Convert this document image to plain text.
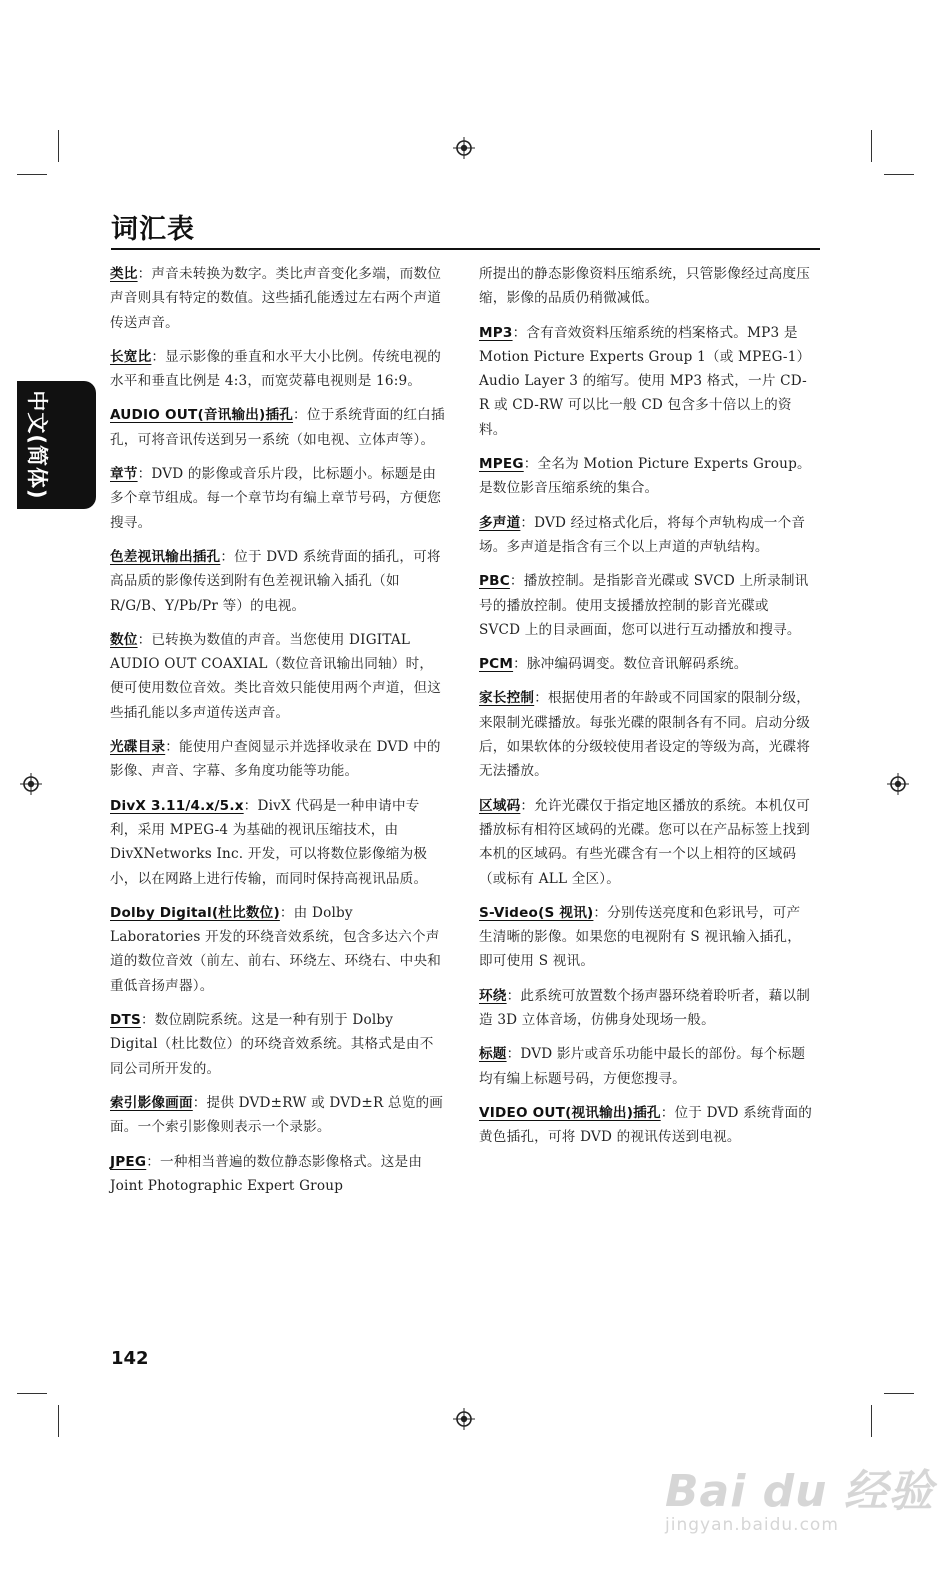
中文(简体)
词汇表

类比：声音未转换为数字。类比声音变化多端，而数位声音则具有特定的数值。这些插孔能透过左右两个声道传送声音。

长宽比：显示影像的垂直和水平大小比例。传统电视的水平和垂直比例是 4:3，而宽荧幕电视则是 16:9。

AUDIO OUT(音讯输出)插孔：位于系统背面的红白插孔，可将音讯传送到另一系统（如电视、立体声等）。

章节：DVD 的影像或音乐片段，比标题小。标题是由多个章节组成。每一个章节均有编上章节号码，方便您搜寻。

色差视讯输出插孔：位于 DVD 系统背面的插孔，可将高品质的影像传送到附有色差视讯输入插孔（如 R/G/B、Y/Pb/Pr 等）的电视。

数位：已转换为数值的声音。当您使用 DIGITAL AUDIO OUT COAXIAL（数位音讯输出同轴）时，便可使用数位音效。类比音效只能使用两个声道，但这些插孔能以多声道传送声音。

光碟目录：能使用户查阅显示并选择收录在 DVD 中的影像、声音、字幕、多角度功能等功能。

DivX 3.11/4.x/5.x：DivX 代码是一种申请中专利，采用 MPEG-4 为基础的视讯压缩技术，由 DivXNetworks Inc. 开发，可以将数位影像缩为极小，以在网路上进行传输，而同时保持高视讯品质。

Dolby Digital(杜比数位)：由 Dolby Laboratories 开发的环绕音效系统，包含多达六个声道的数位音效（前左、前右、环绕左、环绕右、中央和重低音扬声器）。

DTS：数位剧院系统。这是一种有别于 Dolby Digital（杜比数位）的环绕音效系统。其格式是由不同公司所开发的。

索引影像画面：提供 DVD±RW 或 DVD±R 总览的画面。一个索引影像则表示一个录影。

JPEG：一种相当普遍的数位静态影像格式。这是由 Joint Photographic Expert Group

所提出的静态影像资料压缩系统，只管影像经过高度压缩，影像的品质仍稍微减低。

MP3：含有音效资料压缩系统的档案格式。MP3 是 Motion Picture Experts Group 1（或 MPEG-1）Audio Layer 3 的缩写。使用 MP3 格式，一片 CD-R 或 CD-RW 可以比一般 CD 包含多十倍以上的资料。

MPEG：全名为 Motion Picture Experts Group。是数位影音压缩系统的集合。

多声道：DVD 经过格式化后，将每个声轨构成一个音场。多声道是指含有三个以上声道的声轨结构。

PBC：播放控制。是指影音光碟或 SVCD 上所录制讯号的播放控制。使用支援播放控制的影音光碟或 SVCD 上的目录画面，您可以进行互动播放和搜寻。

PCM：脉冲编码调变。数位音讯解码系统。

家长控制：根据使用者的年龄或不同国家的限制分级，来限制光碟播放。每张光碟的限制各有不同。启动分级后，如果软体的分级较使用者设定的等级为高，光碟将无法播放。

区域码：允许光碟仅于指定地区播放的系统。本机仅可播放标有相符区域码的光碟。您可以在产品标签上找到本机的区域码。有些光碟含有一个以上相符的区域码（或标有 ALL 全区）。

S-Video(S 视讯)：分别传送亮度和色彩讯号，可产生清晰的影像。如果您的电视附有 S 视讯输入插孔，即可使用 S 视讯。

环绕：此系统可放置数个扬声器环绕着聆听者，藉以制造 3D 立体音场，仿佛身处现场一般。

标题：DVD 影片或音乐功能中最长的部份。每个标题均有编上标题号码，方便您搜寻。

VIDEO OUT(视讯输出)插孔：位于 DVD 系统背面的黄色插孔，可将 DVD 的视讯传送到电视。

142
Bai du 经验
jingyan.baidu.com
